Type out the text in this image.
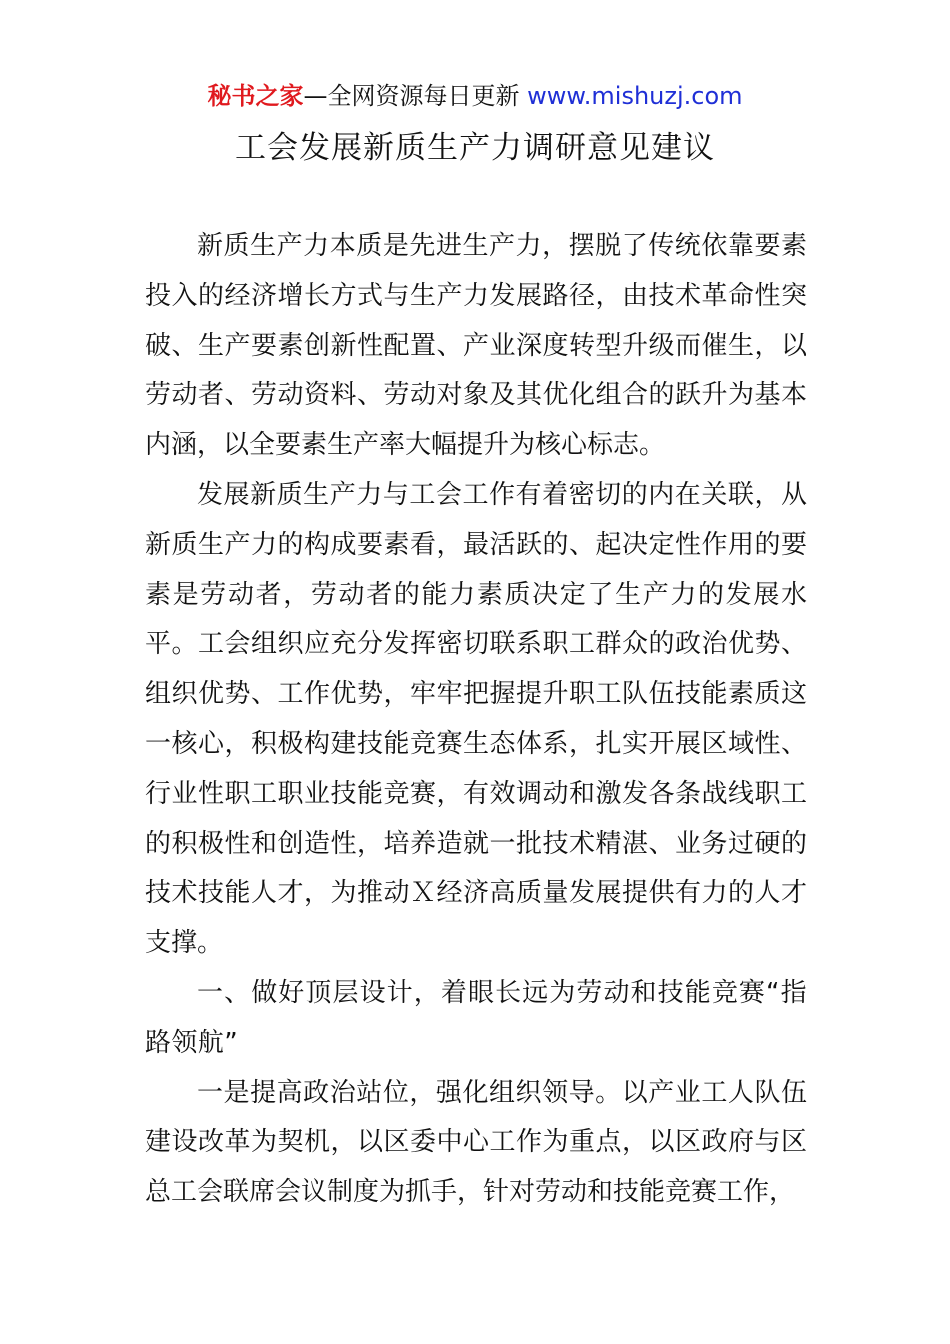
秘书之家—全网资源每日更新 www.mishuzj.com
工会发展新质生产力调研意见建议

新质生产力本质是先进生产力，摆脱了传统依靠要素投入的经济增长方式与生产力发展路径，由技术革命性突破、生产要素创新性配置、产业深度转型升级而催生，以劳动者、劳动资料、劳动对象及其优化组合的跃升为基本内涵，以全要素生产率大幅提升为核心标志。

发展新质生产力与工会工作有着密切的内在关联，从新质生产力的构成要素看，最活跃的、起决定性作用的要素是劳动者，劳动者的能力素质决定了生产力的发展水平。工会组织应充分发挥密切联系职工群众的政治优势、组织优势、工作优势，牢牢把握提升职工队伍技能素质这一核心，积极构建技能竞赛生态体系，扎实开展区域性、行业性职工职业技能竞赛，有效调动和激发各条战线职工的积极性和创造性，培养造就一批技术精湛、业务过硬的技术技能人才，为推动Ｘ经济高质量发展提供有力的人才支撑。

一、做好顶层设计，着眼长远为劳动和技能竞赛“指路领航”

一是提高政治站位，强化组织领导。以产业工人队伍建设改革为契机，以区委中心工作为重点，以区政府与区总工会联席会议制度为抓手，针对劳动和技能竞赛工作，
